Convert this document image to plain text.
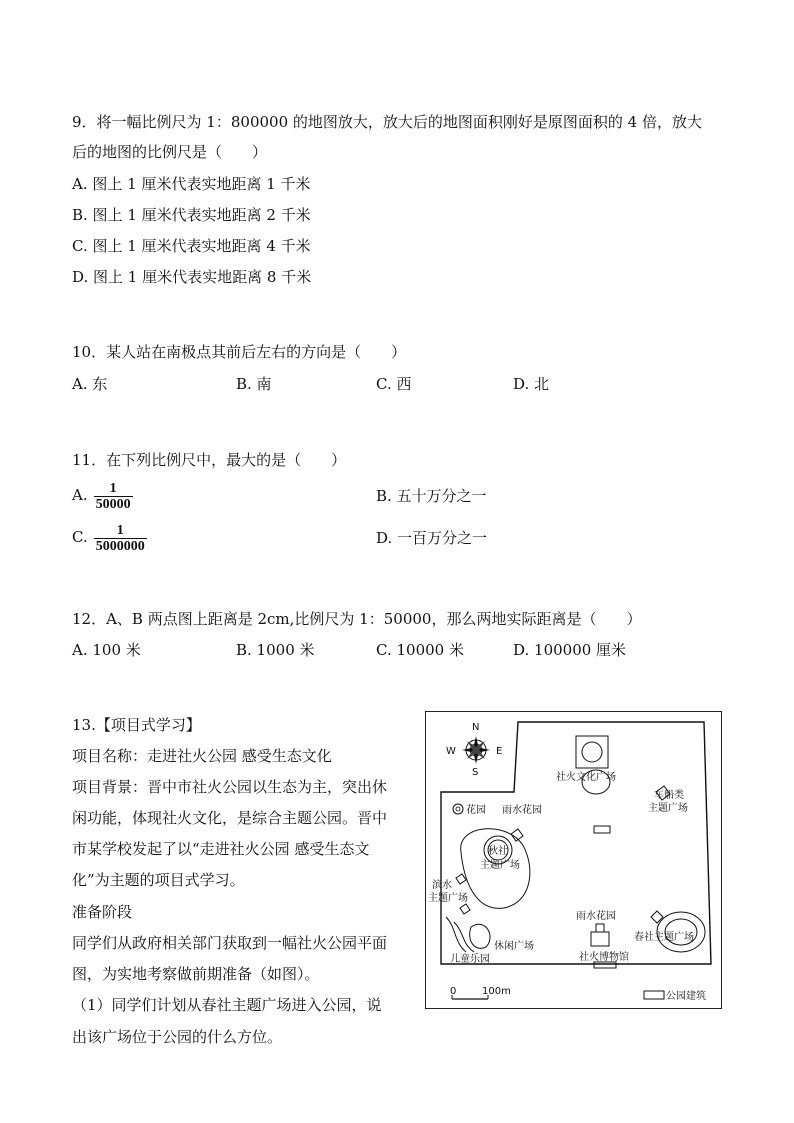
9．将一幅比例尺为 1：800000 的地图放大，放大后的地图面积刚好是原图面积的 4 倍，放大
后的地图的比例尺是（　　）
A. 图上 1 厘米代表实地距离 1 千米
B. 图上 1 厘米代表实地距离 2 千米
C. 图上 1 厘米代表实地距离 4 千米
D. 图上 1 厘米代表实地距离 8 千米
10．某人站在南极点其前后左右的方向是（　　）
A. 东	B. 南	C. 西	D. 北
11．在下列比例尺中，最大的是（　　）
A. $\frac{1}{50000}$	B. 五十万分之一
C. $\frac{1}{5000000}$	D. 一百万分之一
12．A、B 两点图上距离是 2cm,比例尺为 1：50000，那么两地实际距离是（　　）
A. 100 米	B. 1000 米	C. 10000 米	D. 100000 厘米
13.【项目式学习】
项目名称：走进社火公园 感受生态文化
项目背景：晋中市社火公园以生态为主，突出休
闲功能，体现社火文化，是综合主题公园。晋中
市某学校发起了以“走进社火公园 感受生态文
化”为主题的项目式学习。
准备阶段
同学们从政府相关部门获取到一幅社火公园平面
图，为实地考察做前期准备（如图）。
（1）同学们计划从春社主题广场进入公园，说
出该广场位于公园的什么方位。
N
S
W	E
社火文化广场
车船类
主题广场
花园 雨水花园
秋社
主题广场
滨水
主题广场
休闲广场
儿童乐园
雨水花园
社火博物馆
春社主题广场
0	100m	公园建筑
